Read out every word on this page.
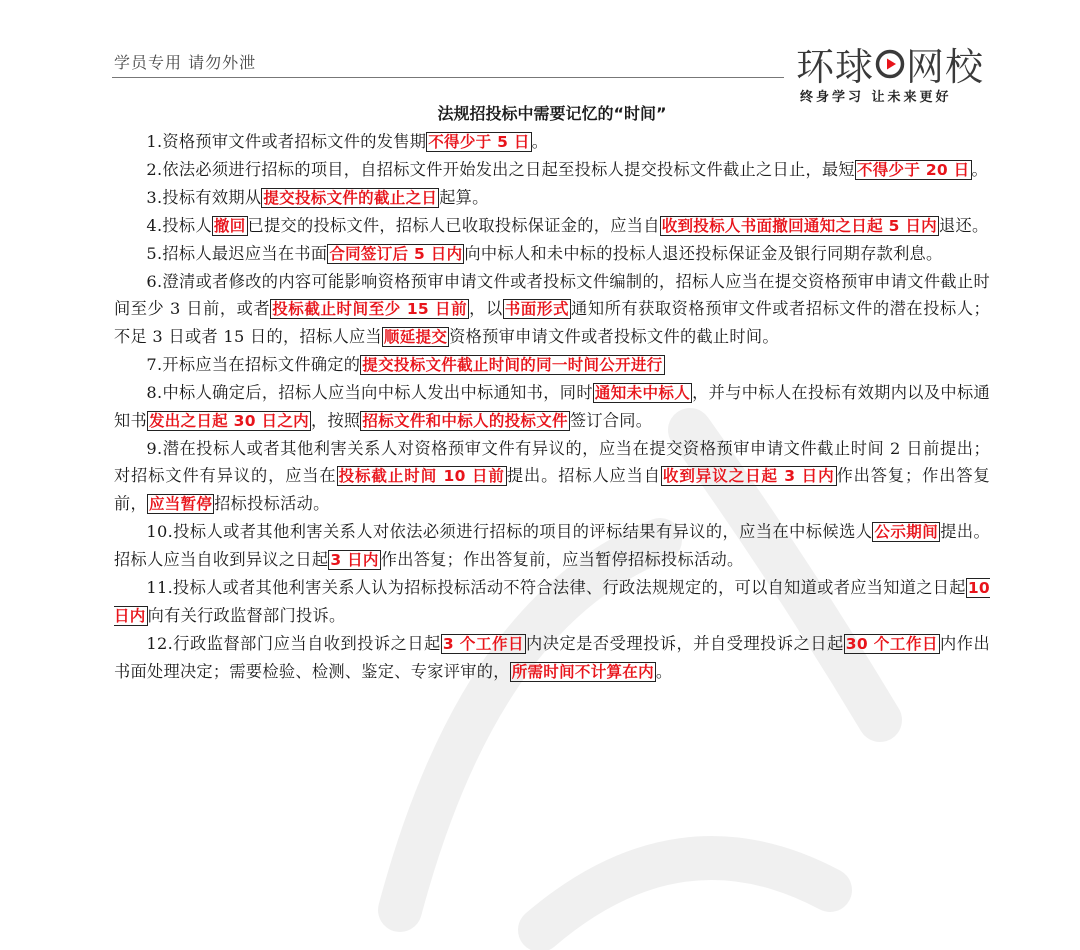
学员专用 请勿外泄	环球 网校
终身学习 让未来更好
法规招投标中需要记忆的“时间”

1.资格预审文件或者招标文件的发售期 不得少于 5 日 。

2.依法必须进行招标的项目，自招标文件开始发出之日起至投标人提交投标文件截止之日止，最短 不得少于 20 日 。

3.投标有效期从 提交投标文件的截止之日 起算。

4.投标人 撤回 已提交的投标文件，招标人已收取投标保证金的，应当自 收到投标人书面撤回通知之日起 5 日内 退还。

5.招标人最迟应当在书面 合同签订后 5 日内 向中标人和未中标的投标人退还投标保证金及银行同期存款利息。

6.澄清或者修改的内容可能影响资格预审申请文件或者投标文件编制的，招标人应当在提交资格预审申请文件截止时间至少 3 日前，或者 投标截止时间至少 15 日前 ，以 书面形式 通知所有获取资格预审文件或者招标文件的潜在投标人；不足 3 日或者 15 日的，招标人应当 顺延提交 资格预审申请文件或者投标文件的截止时间。

7.开标应当在招标文件确定的 提交投标文件截止时间的同一时间公开进行

8.中标人确定后，招标人应当向中标人发出中标通知书，同时 通知未中标人 ，并与中标人在投标有效期内以及中标通知书 发出之日起 30 日之内 ，按照 招标文件和中标人的投标文件 签订合同。

9.潜在投标人或者其他利害关系人对资格预审文件有异议的，应当在提交资格预审申请文件截止时间 2 日前提出；对招标文件有异议的，应当在 投标截止时间 10 日前 提出。招标人应当自 收到异议之日起 3 日内 作出答复；作出答复前， 应当暂停 招标投标活动。

10.投标人或者其他利害关系人对依法必须进行招标的项目的评标结果有异议的，应当在中标候选人 公示期间 提出。招标人应当自收到异议之日起 3 日内 作出答复；作出答复前，应当暂停招标投标活动。

11.投标人或者其他利害关系人认为招标投标活动不符合法律、行政法规规定的，可以自知道或者应当知道之日起 10 日内 向有关行政监督部门投诉。

12.行政监督部门应当自收到投诉之日起 3 个工作日 内决定是否受理投诉，并自受理投诉之日起 30 个工作日 内作出书面处理决定；需要检验、检测、鉴定、专家评审的， 所需时间不计算在内 。
